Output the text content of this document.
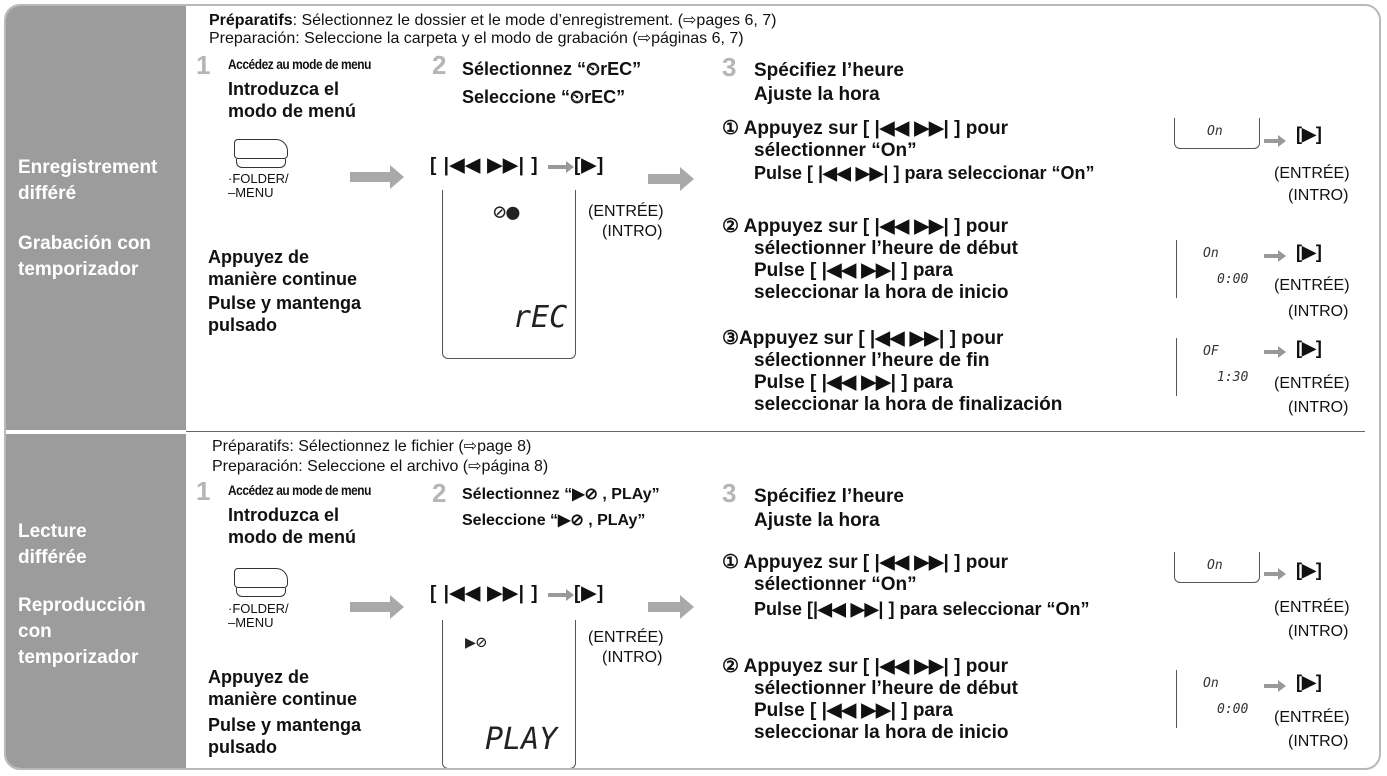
Enregistrement
différé
Grabación con
temporizador
Préparatifs: Sélectionnez le dossier et le mode d’enregistrement. (⇨pages 6, 7)
Preparación: Seleccione la carpeta y el modo de grabación (⇨páginas 6, 7)
1 Accédez au mode de menu
Introduzca el
modo de menú
·FOLDER/
–MENU
Appuyez de
manière continue
Pulse y mantenga
pulsado
2 Sélectionnez “⏲rEC”
Seleccione “⏲rEC”
[ |◀◀ ▶▶| ] [▶]
⊘●
rEC
(ENTRÉE)
(INTRO)
3 Spécifiez l’heure
Ajuste la hora
① Appuyez sur [ |◀◀ ▶▶| ] pour
sélectionner “On”
Pulse [ |◀◀ ▶▶| ] para seleccionar “On”
On	[▶]
(ENTRÉE)
(INTRO)
② Appuyez sur [ |◀◀ ▶▶| ] pour
sélectionner l’heure de début
Pulse [ |◀◀ ▶▶| ] para
seleccionar la hora de inicio
On
0:00
[▶]
(ENTRÉE)
(INTRO)
③Appuyez sur [ |◀◀ ▶▶| ] pour
sélectionner l’heure de fin
Pulse [ |◀◀ ▶▶| ] para
seleccionar la hora de finalización
OF
1:30
[▶]
(ENTRÉE)
(INTRO)
Lecture
différée
Reproducción
con
temporizador
Préparatifs: Sélectionnez le fichier (⇨page 8)
Preparación: Seleccione el archivo (⇨página 8)
1 Accédez au mode de menu
Introduzca el
modo de menú
·FOLDER/
–MENU
Appuyez de
manière continue
Pulse y mantenga
pulsado
2 Sélectionnez “▶⊘ , PLAy”
Seleccione “▶⊘ , PLAy”
[ |◀◀ ▶▶| ] [▶]
▶⊘
PLAY
(ENTRÉE)
(INTRO)
3 Spécifiez l’heure
Ajuste la hora
① Appuyez sur [ |◀◀ ▶▶| ] pour
sélectionner “On”
Pulse [|◀◀ ▶▶| ] para seleccionar “On”
On	[▶]
(ENTRÉE)
(INTRO)
② Appuyez sur [ |◀◀ ▶▶| ] pour
sélectionner l’heure de début
Pulse [ |◀◀ ▶▶| ] para
seleccionar la hora de inicio
On
0:00
[▶]
(ENTRÉE)
(INTRO)
